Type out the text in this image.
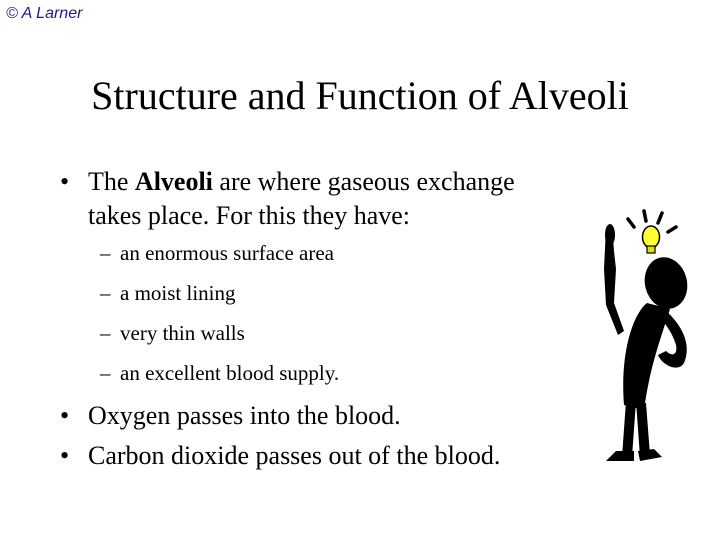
© A Larner
Structure and Function of Alveoli
• The Alveoli are where gaseous exchange
takes place. For this they have:
– an enormous surface area
– a moist lining
– very thin walls
– an excellent blood supply.
• Oxygen passes into the blood.
• Carbon dioxide passes out of the blood.
